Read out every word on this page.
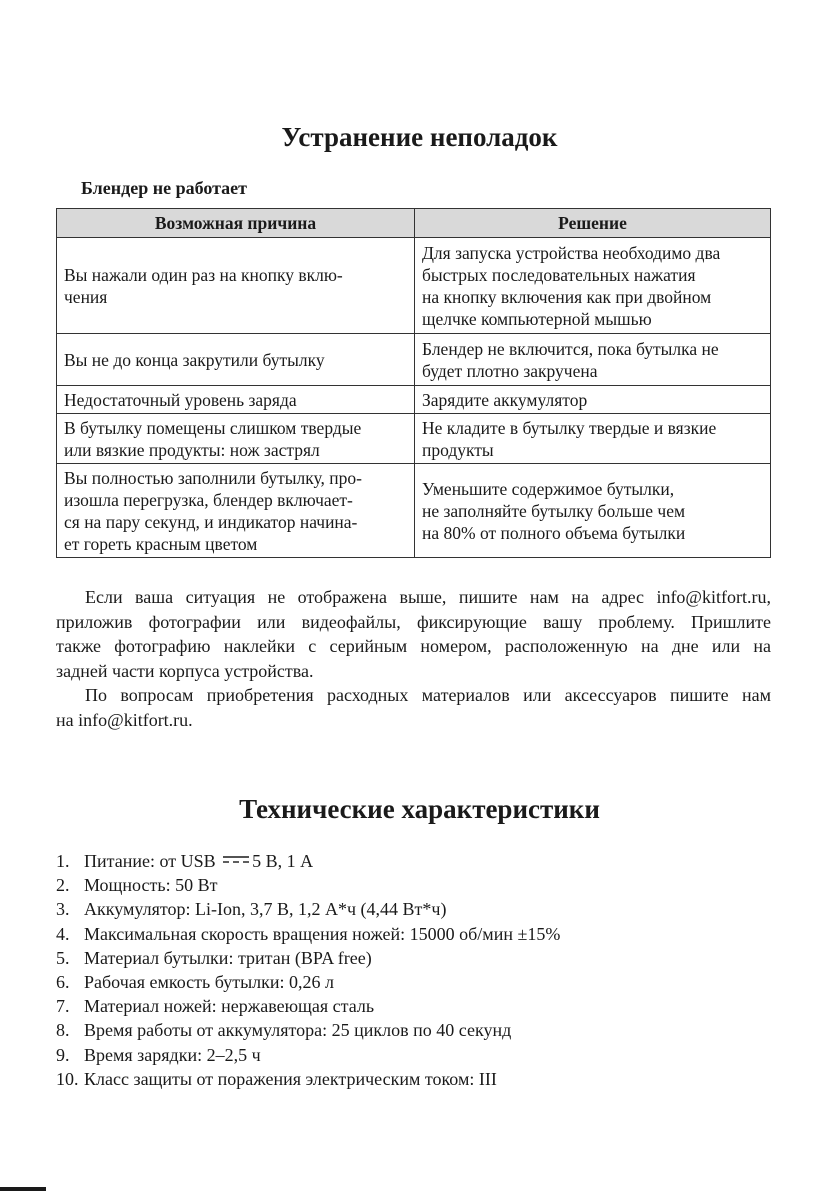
Устранение неполадок
Блендер не работает
Возможная причина	Решение

Вы нажали один раз на кнопку вклю-
чения	Для запуска устройства необходимо два
быстрых последовательных нажатия
на кнопку включения как при двойном
щелчке компьютерной мышью

Вы не до конца закрутили бутылку	Блендер не включится, пока бутылка не
будет плотно закручена

Недостаточный уровень заряда	Зарядите аккумулятор

В бутылку помещены слишком твердые
или вязкие продукты: нож застрял	Не кладите в бутылку твердые и вязкие
продукты

Вы полностью заполнили бутылку, про-
изошла перегрузка, блендер включает-
ся на пару секунд, и индикатор начина-
ет гореть красным цветом	Уменьшите содержимое бутылки,
не заполняйте бутылку больше чем
на 80% от полного объема бутылки
Если ваша ситуация не отображена выше, пишите нам на адрес info@kitfort.ru,
приложив фотографии или видеофайлы, фиксирующие вашу проблему. Пришлите
также фотографию наклейки с серийным номером, расположенную на дне или на
задней части корпуса устройства.
По вопросам приобретения расходных материалов или аксессуаров пишите нам
на info@kitfort.ru.
Технические характеристики
1. Питание: от USB 5 В, 1 А
2. Мощность: 50 Вт
3. Аккумулятор: Li-Ion, 3,7 В, 1,2 А*ч (4,44 Вт*ч)
4. Максимальная скорость вращения ножей: 15000 об/мин ±15%
5. Материал бутылки: тритан (BPA free)
6. Рабочая емкость бутылки: 0,26 л
7. Материал ножей: нержавеющая сталь
8. Время работы от аккумулятора: 25 циклов по 40 секунд
9. Время зарядки: 2–2,5 ч
10. Класс защиты от поражения электрическим током: III
